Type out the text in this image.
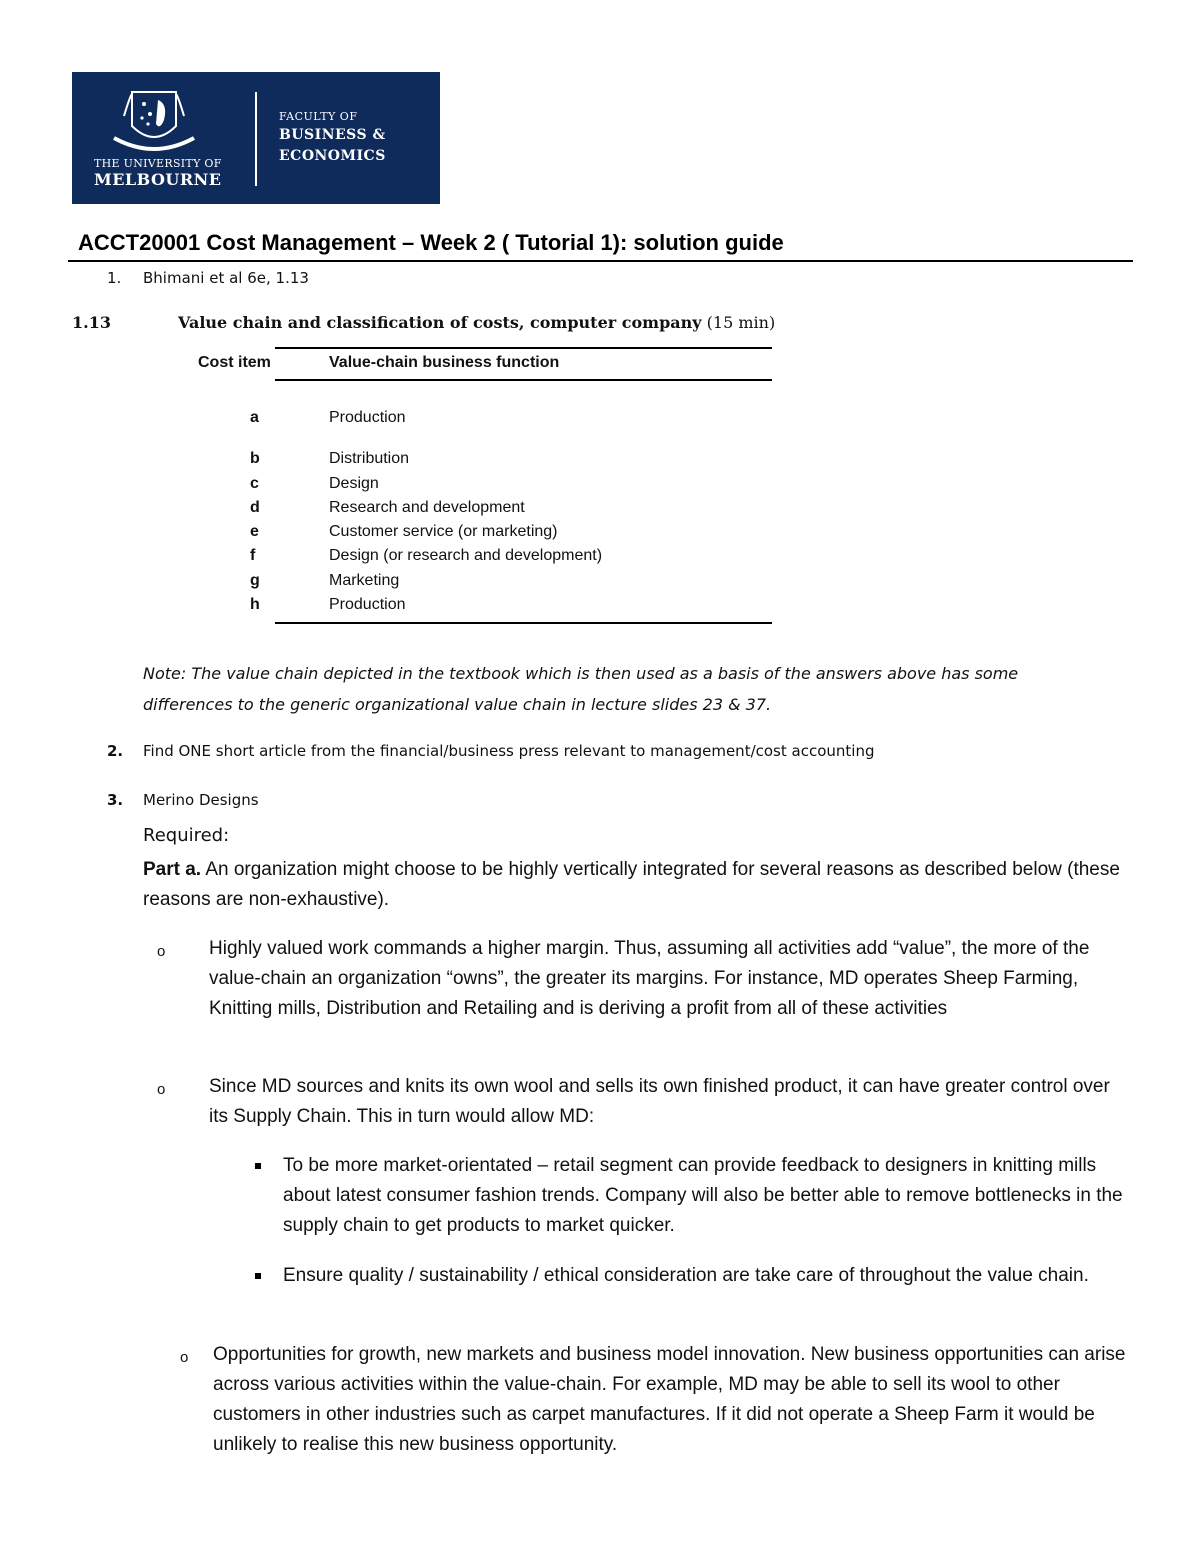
THE UNIVERSITY OF
MELBOURNE
FACULTY OF
BUSINESS &
ECONOMICS
ACCT20001 Cost Management – Week 2 ( Tutorial 1): solution guide
1. Bhimani et al 6e, 1.13
1.13	Value chain and classification of costs, computer company (15 min)
Cost item	Value-chain business function
a	Production
b	Distribution
c	Design
d	Research and development
e	Customer service (or marketing)
f	Design (or research and development)
g	Marketing
h	Production
Note: The value chain depicted in the textbook which is then used as a basis of the answers above has some differences to the generic organizational value chain in lecture slides 23 & 37.
2. Find ONE short article from the financial/business press relevant to management/cost accounting
3. Merino Designs
Required:
Part a. An organization might choose to be highly vertically integrated for several reasons as described below (these reasons are non-exhaustive).
o Highly valued work commands a higher margin. Thus, assuming all activities add “value”, the more of the value-chain an organization “owns”, the greater its margins. For instance, MD operates Sheep Farming, Knitting mills, Distribution and Retailing and is deriving a profit from all of these activities
o Since MD sources and knits its own wool and sells its own finished product, it can have greater control over its Supply Chain. This in turn would allow MD:
To be more market-orientated – retail segment can provide feedback to designers in knitting mills about latest consumer fashion trends. Company will also be better able to remove bottlenecks in the supply chain to get products to market quicker.
Ensure quality / sustainability / ethical consideration are take care of throughout the value chain.
o Opportunities for growth, new markets and business model innovation. New business opportunities can arise across various activities within the value-chain. For example, MD may be able to sell its wool to other customers in other industries such as carpet manufactures. If it did not operate a Sheep Farm it would be unlikely to realise this new business opportunity.
